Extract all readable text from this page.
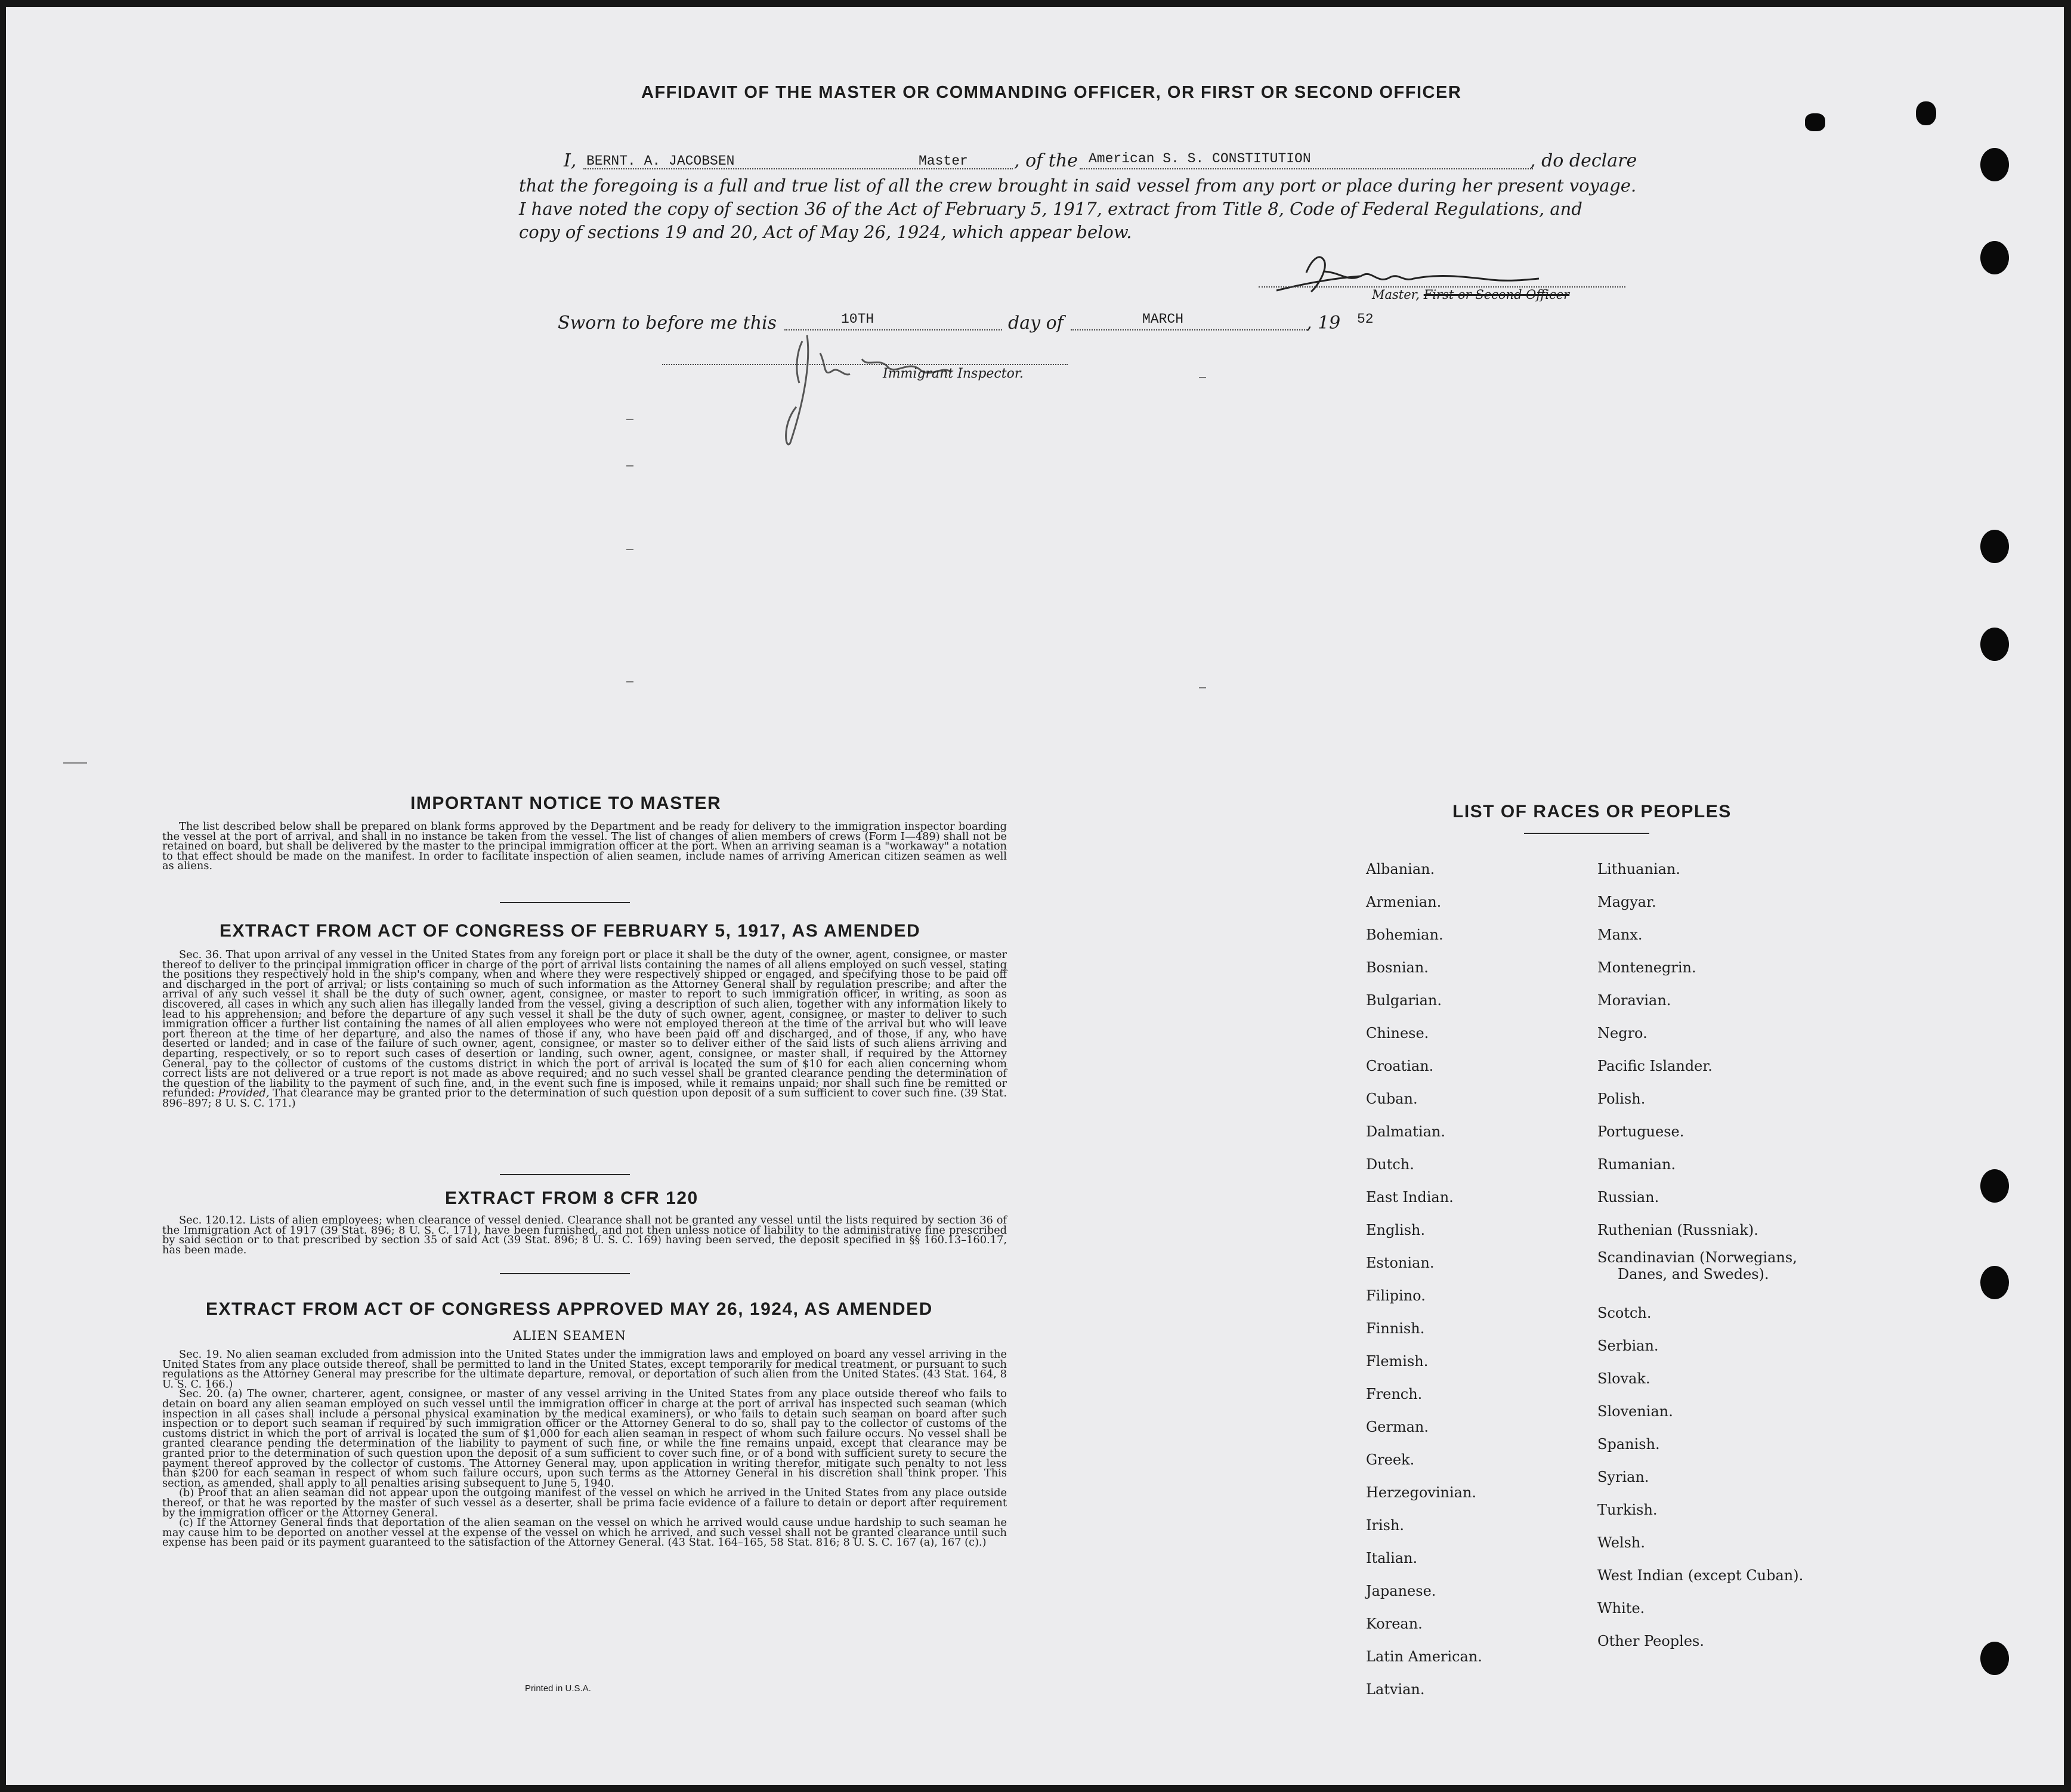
AFFIDAVIT OF THE MASTER OR COMMANDING OFFICER, OR FIRST OR SECOND OFFICER
I, BERNT. A. JACOBSEN	Master	, of the American S. S. CONSTITUTION	, do declare
that the foregoing is a full and true list of all the crew brought in said vessel from any port or place during her present voyage.
I have noted the copy of section 36 of the Act of February 5, 1917, extract from Title 8, Code of Federal Regulations, and
copy of sections 19 and 20, Act of May 26, 1924, which appear below.
Master, First or Second Officer
Sworn to before me this	10TH	day of	MARCH	, 19 52
Immigrant Inspector.
IMPORTANT NOTICE TO MASTER
The list described below shall be prepared on blank forms approved by the Department and be ready for delivery to the immigration inspector boarding the vessel at the port of arrival, and shall in no instance be taken from the vessel. The list of changes of alien members of crews (Form I—489) shall not be retained on board, but shall be delivered by the master to the principal immigration officer at the port. When an arriving seaman is a "workaway" a notation to that effect should be made on the manifest. In order to facilitate inspection of alien seamen, include names of arriving American citizen seamen as well as aliens.
EXTRACT FROM ACT OF CONGRESS OF FEBRUARY 5, 1917, AS AMENDED
Sec. 36. That upon arrival of any vessel in the United States from any foreign port or place it shall be the duty of the owner, agent, consignee, or master thereof to deliver to the principal immigration officer in charge of the port of arrival lists containing the names of all aliens employed on such vessel, stating the positions they respectively hold in the ship's company, when and where they were respectively shipped or engaged, and specifying those to be paid off and discharged in the port of arrival; or lists containing so much of such information as the Attorney General shall by regulation prescribe; and after the arrival of any such vessel it shall be the duty of such owner, agent, consignee, or master to report to such immigration officer, in writing, as soon as discovered, all cases in which any such alien has illegally landed from the vessel, giving a description of such alien, together with any information likely to lead to his apprehension; and before the departure of any such vessel it shall be the duty of such owner, agent, consignee, or master to deliver to such immigration officer a further list containing the names of all alien employees who were not employed thereon at the time of the arrival but who will leave port thereon at the time of her departure, and also the names of those if any, who have been paid off and discharged, and of those, if any, who have deserted or landed; and in case of the failure of such owner, agent, consignee, or master so to deliver either of the said lists of such aliens arriving and departing, respectively, or so to report such cases of desertion or landing, such owner, agent, consignee, or master shall, if required by the Attorney General, pay to the collector of customs of the customs district in which the port of arrival is located the sum of $10 for each alien concerning whom correct lists are not delivered or a true report is not made as above required; and no such vessel shall be granted clearance pending the determination of the question of the liability to the payment of such fine, and, in the event such fine is imposed, while it remains unpaid; nor shall such fine be remitted or refunded: Provided, That clearance may be granted prior to the determination of such question upon deposit of a sum sufficient to cover such fine. (39 Stat. 896–897; 8 U. S. C. 171.)
EXTRACT FROM 8 CFR 120
Sec. 120.12. Lists of alien employees; when clearance of vessel denied. Clearance shall not be granted any vessel until the lists required by section 36 of the Immigration Act of 1917 (39 Stat. 896; 8 U. S. C. 171), have been furnished, and not then unless notice of liability to the administrative fine prescribed by said section or to that prescribed by section 35 of said Act (39 Stat. 896; 8 U. S. C. 169) having been served, the deposit specified in §§ 160.13–160.17, has been made.
EXTRACT FROM ACT OF CONGRESS APPROVED MAY 26, 1924, AS AMENDED
ALIEN SEAMEN
Sec. 19. No alien seaman excluded from admission into the United States under the immigration laws and employed on board any vessel arriving in the United States from any place outside thereof, shall be permitted to land in the United States, except temporarily for medical treatment, or pursuant to such regulations as the Attorney General may prescribe for the ultimate departure, removal, or deportation of such alien from the United States. (43 Stat. 164, 8 U. S. C. 166.)
Sec. 20. (a) The owner, charterer, agent, consignee, or master of any vessel arriving in the United States from any place outside thereof who fails to detain on board any alien seaman employed on such vessel until the immigration officer in charge at the port of arrival has inspected such seaman (which inspection in all cases shall include a personal physical examination by the medical examiners), or who fails to detain such seaman on board after such inspection or to deport such seaman if required by such immigration officer or the Attorney General to do so, shall pay to the collector of customs of the customs district in which the port of arrival is located the sum of $1,000 for each alien seaman in respect of whom such failure occurs. No vessel shall be granted clearance pending the determination of the liability to payment of such fine, or while the fine remains unpaid, except that clearance may be granted prior to the determination of such question upon the deposit of a sum sufficient to cover such fine, or of a bond with sufficient surety to secure the payment thereof approved by the collector of customs. The Attorney General may, upon application in writing therefor, mitigate such penalty to not less than $200 for each seaman in respect of whom such failure occurs, upon such terms as the Attorney General in his discretion shall think proper. This section, as amended, shall apply to all penalties arising subsequent to June 5, 1940.
(b) Proof that an alien seaman did not appear upon the outgoing manifest of the vessel on which he arrived in the United States from any place outside thereof, or that he was reported by the master of such vessel as a deserter, shall be prima facie evidence of a failure to detain or deport after requirement by the immigration officer or the Attorney General.
(c) If the Attorney General finds that deportation of the alien seaman on the vessel on which he arrived would cause undue hardship to such seaman he may cause him to be deported on another vessel at the expense of the vessel on which he arrived, and such vessel shall not be granted clearance until such expense has been paid or its payment guaranteed to the satisfaction of the Attorney General. (43 Stat. 164–165, 58 Stat. 816; 8 U. S. C. 167 (a), 167 (c).)
Printed in U.S.A.
LIST OF RACES OR PEOPLES
Albanian.
Armenian.
Bohemian.
Bosnian.
Bulgarian.
Chinese.
Croatian.
Cuban.
Dalmatian.
Dutch.
East Indian.
English.
Estonian.
Filipino.
Finnish.
Flemish.
French.
German.
Greek.
Herzegovinian.
Irish.
Italian.
Japanese.
Korean.
Latin American.
Latvian.
Lithuanian.
Magyar.
Manx.
Montenegrin.
Moravian.
Negro.
Pacific Islander.
Polish.
Portuguese.
Rumanian.
Russian.
Ruthenian (Russniak).
Scandinavian (Norwegians,
Danes, and Swedes).
Scotch.
Serbian.
Slovak.
Slovenian.
Spanish.
Syrian.
Turkish.
Welsh.
West Indian (except Cuban).
White.
Other Peoples.
